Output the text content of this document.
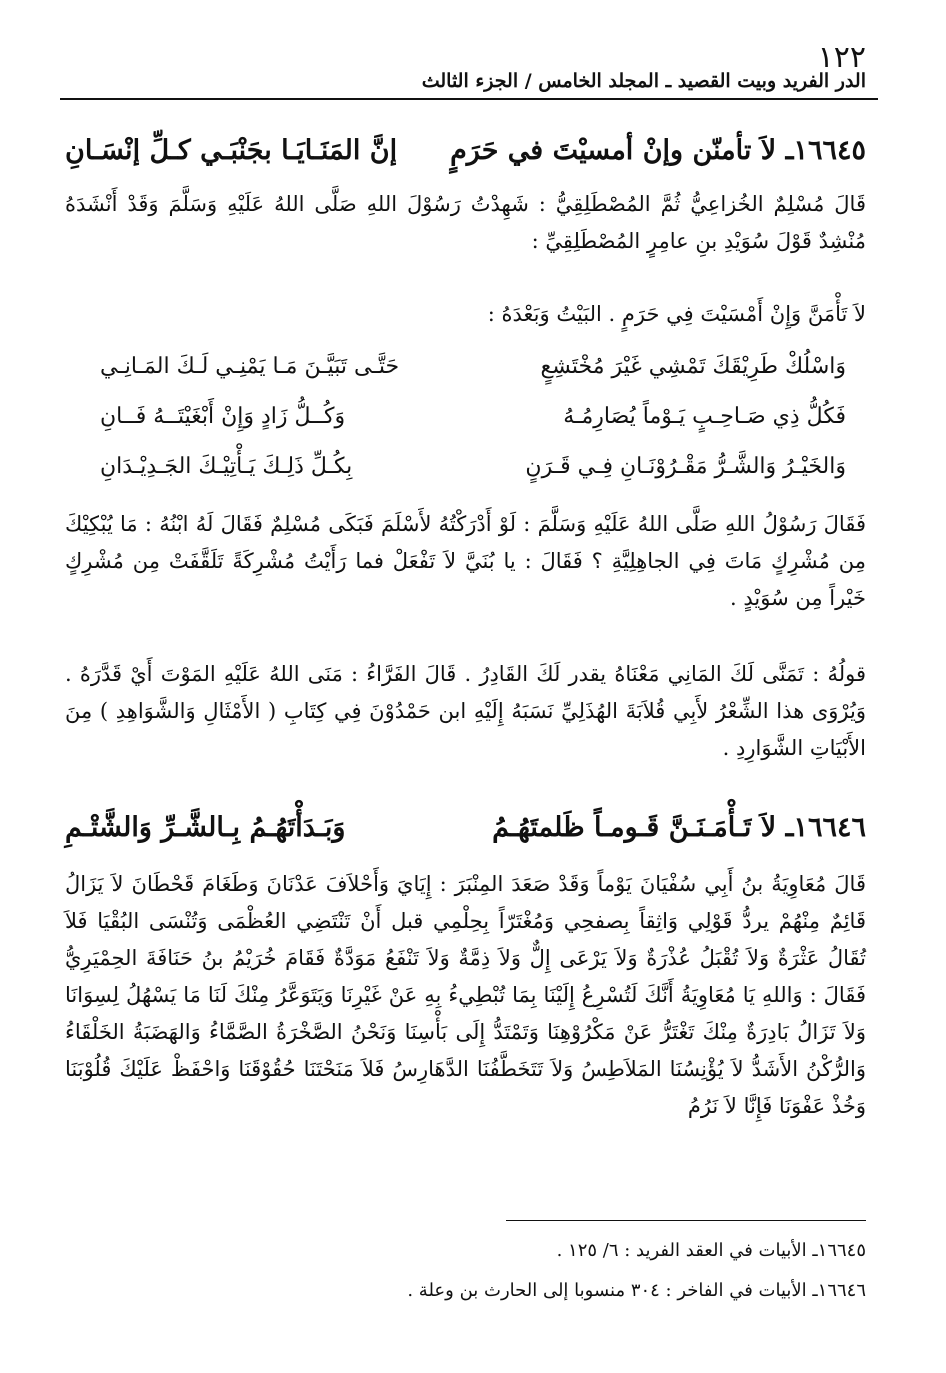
١٢٢
الدر الفريد وبيت القصيد ـ المجلد الخامس / الجزء الثالث
١٦٦٤٥ـ لاَ تأمنّن وإنْ أمسيْتَ في حَرَمٍ
إنَّ المَنَـايَـا بجَنْبَـي كـلِّ إنْسَـانِ

قَالَ مُسْلِمٌ الخُزاعِيُّ ثُمَّ المُصْطَلِقِيُّ : شَهِدْتُ رَسُوْلَ اللهِ صَلَّى اللهُ عَلَيْهِ وَسَلَّمَ وَقَدْ أَنْشَدَهُ مُنْشِدٌ قَوْلَ سُوَيْدِ بنِ عامِرٍ المُصْطَلِقِيِّ :

لاَ تَأْمَنَّ وَإِنْ أَمْسَيْتَ فِي حَرَمٍ . البَيْتُ وَبَعْدَهُ :

وَاسْلُكْ طَرِيْقَكَ تَمْشِي غَيْرَ مُخْتَشِعٍ
حَتَّـى تَبَيَّـنَ مَـا يَمْنِـي لَـكَ المَـانِـي
فَكُلُّ ذِي صَـاحِـبٍ يَـوْماً يُصَارِمُـهُ
وَكُــلُّ زَادٍ وَإِنْ أَبْغَيْتَــهُ فَــانِ
وَالخَيْـرُ وَالشَّـرُّ مَقْـرُوْنَـانِ فِـي قَـرَنٍ
بِكُـلِّ ذَلِـكَ يَـأْتِيْـكَ الجَـدِيْـدَانِ

فَقَالَ رَسُوْلُ اللهِ صَلَّى اللهُ عَلَيْهِ وَسَلَّمَ : لَوْ أَدْرَكْتُهُ لأَسْلَمَ فَبَكَى مُسْلِمٌ فَقَالَ لَهُ ابْنُهُ : مَا يُبْكِيْكَ مِن مُشْرِكٍ مَاتَ فِي الجاهِلِيَّةِ ؟ فَقَالَ : يا بُنَيَّ لاَ تَفْعَلْ فما رَأَيْتُ مُشْرِكَةً تَلَقَّفَتْ مِن مُشْرِكٍ خَيْراً مِن سُوَيْدٍ .

قولُهُ : تَمَنَّى لَكَ المَانِي مَعْنَاهُ يقدر لَكَ القَادِرُ . قَالَ الفَرَّاءُ : مَنَى اللهُ عَلَيْهِ المَوْتَ أَيْ قَدَّرَهُ . وَيُرْوَى هذا الشِّعْرُ لأَبِي قُلاَبَةَ الهُذَلِيِّ نَسَبَهُ إِلَيْهِ ابن حَمْدُوْنَ فِي كِتَابِ ( الأَمْثَالِ وَالشَّوَاهِدِ ) مِنَ الأَبْيَاتِ الشَّوَارِدِ .

١٦٦٤٦ـ لاَ تَـأْمَـنَـنَّ قَـومـاً ظَلمتَهُـمُ
وَبَـدَأْتَهُـمُ بِـالشَّـرِّ وَالشَّتْـمِ

قَالَ مُعَاوِيَةُ بنُ أَبِي سُفْيَانَ يَوْماً وَقَدْ صَعَدَ المِنْبَرَ : إِيَايَ وَأَحْلاَفَ عَدْنَانَ وَطَغَامَ قَحْطَانَ لاَ يَزَالُ قَائِمٌ مِنْهُمْ يردُّ قَوْلِي وَاثِقاً بِصفحِي وَمُغْتَرّاً بِحِلْمِي قبل أَنْ تَنْتَضِي العُظْمَى وَتُنْسَى البُقْيَا فَلاَ تُقَالُ عَثْرَةٌ وَلاَ تُقْبَلُ عُذْرَةٌ وَلاَ يَرْعَى إِلٌّ وَلاَ ذِمَّةٌ وَلاَ تَنْفَعُ مَوَدَّةٌ فَقَامَ خُرَيْمُ بنُ حَنَافَةَ الحِمْيَرِيُّ فَقَالَ : وَاللهِ يَا مُعَاوِيَةُ أَنَّكَ لَتُسْرِعُ إِلَيْنَا بِمَا تُبْطِيءُ بِهِ عَنْ غَيْرِنَا وَيَتَوَعَّرُ مِنْكَ لَنَا مَا يَسْهُلُ لِسِوَانَا وَلاَ تَزَالُ بَادِرَةٌ مِنْكَ تَغْتَرُّ عَنْ مَكْرُوْهِنَا وَتَمْتَدُّ إِلَى بَأْسِنَا وَنَحْنُ الصَّخْرَةُ الصَّمَّاءُ وَالهَضَبَةُ الخَلْقَاءُ وَالرُّكْنُ الأَشَدُّ لاَ يُؤْنِسُنَا المَلاَطِسُ وَلاَ تَتَخَطَّفُنَا الدَّهَارِسُ فَلاَ مَنَحْتَنَا حُقُوْقَنَا وَاحْفَظْ عَلَيْكَ قُلُوْبَنَا وَخُذْ عَفْوَنَا فَإِنَّا لاَ نَرُمُ

١٦٦٤٥ـ الأبيات في العقد الفريد : ٦/ ١٢٥ .
١٦٦٤٦ـ الأبيات في الفاخر : ٣٠٤ منسوبا إلى الحارث بن وعلة .
